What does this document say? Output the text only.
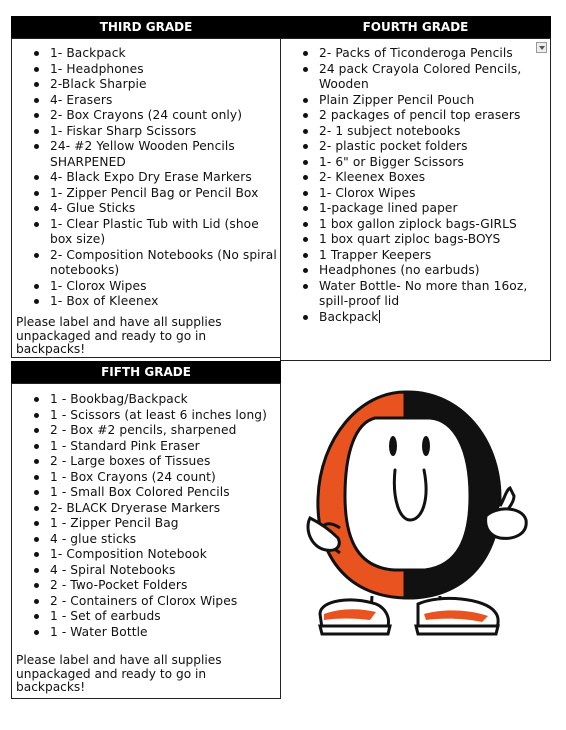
THIRD GRADE
1- Backpack
1- Headphones
2-Black Sharpie
4- Erasers
2- Box Crayons (24 count only)
1- Fiskar Sharp Scissors
24- #2 Yellow Wooden Pencils SHARPENED
4- Black Expo Dry Erase Markers
1- Zipper Pencil Bag or Pencil Box
4- Glue Sticks
1- Clear Plastic Tub with Lid (shoe box size)
2- Composition Notebooks (No spiral notebooks)
1- Clorox Wipes
1- Box of Kleenex
Please label and have all supplies unpackaged and ready to go in backpacks!
FOURTH GRADE
2- Packs of Ticonderoga Pencils
24 pack Crayola Colored Pencils, Wooden
Plain Zipper Pencil Pouch
2 packages of pencil top erasers
2- 1 subject notebooks
2- plastic pocket folders
1- 6" or Bigger Scissors
2- Kleenex Boxes
1- Clorox Wipes
1-package lined paper
1 box gallon ziplock bags-GIRLS
1 box quart ziploc bags-BOYS
1 Trapper Keepers
Headphones (no earbuds)
Water Bottle- No more than 16oz, spill-proof lid
Backpack
FIFTH GRADE
1 - Bookbag/Backpack
1 - Scissors (at least 6 inches long)
2 - Box #2 pencils, sharpened
1 - Standard Pink Eraser
2 - Large boxes of Tissues
1 - Box Crayons (24 count)
1 - Small Box Colored Pencils
2- BLACK Dryerase Markers
1 - Zipper Pencil Bag
4 - glue sticks
1- Composition Notebook
4 - Spiral Notebooks
2 - Two-Pocket Folders
2 - Containers of Clorox Wipes
1 - Set of earbuds
1 - Water Bottle
Please label and have all supplies unpackaged and ready to go in backpacks!
